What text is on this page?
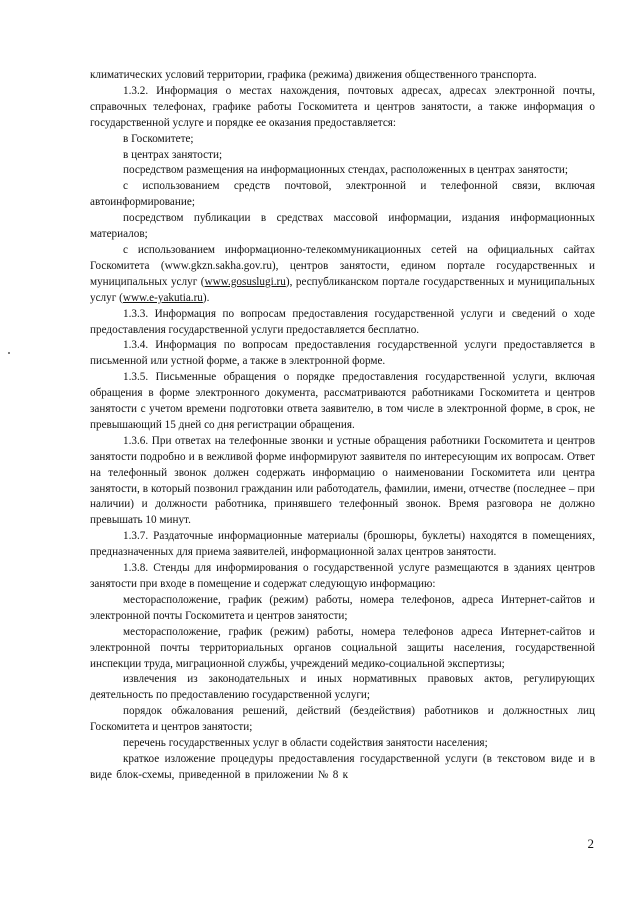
климатических условий территории, графика (режима) движения общественного транспорта.

1.3.2. Информация о местах нахождения, почтовых адресах, адресах электронной почты, справочных телефонах, графике работы Госкомитета и центров занятости, а также информация о государственной услуге и порядке ее оказания предоставляется:

в Госкомитете;

в центрах занятости;

посредством размещения на информационных стендах, расположенных в центрах занятости;

с использованием средств почтовой, электронной и телефонной связи, включая автоинформирование;

посредством публикации в средствах массовой информации, издания информационных материалов;

с использованием информационно-телекоммуникационных сетей на официальных сайтах Госкомитета (www.gkzn.sakha.gov.ru), центров занятости, едином портале государственных и муниципальных услуг (www.gosuslugi.ru), республиканском портале государственных и муниципальных услуг (www.e-yakutia.ru).

1.3.3. Информация по вопросам предоставления государственной услуги и сведений о ходе предоставления государственной услуги предоставляется бесплатно.

1.3.4. Информация по вопросам предоставления государственной услуги предоставляется в письменной или устной форме, а также в электронной форме.

1.3.5. Письменные обращения о порядке предоставления государственной услуги, включая обращения в форме электронного документа, рассматриваются работниками Госкомитета и центров занятости с учетом времени подготовки ответа заявителю, в том числе в электронной форме, в срок, не превышающий 15 дней со дня регистрации обращения.

1.3.6. При ответах на телефонные звонки и устные обращения работники Госкомитета и центров занятости подробно и в вежливой форме информируют заявителя по интересующим их вопросам. Ответ на телефонный звонок должен содержать информацию о наименовании Госкомитета или центра занятости, в который позвонил гражданин или работодатель, фамилии, имени, отчестве (последнее – при наличии) и должности работника, принявшего телефонный звонок. Время разговора не должно превышать 10 минут.

1.3.7. Раздаточные информационные материалы (брошюры, буклеты) находятся в помещениях, предназначенных для приема заявителей, информационной залах центров занятости.

1.3.8. Стенды для информирования о государственной услуге размещаются в зданиях центров занятости при входе в помещение и содержат следующую информацию:

месторасположение, график (режим) работы, номера телефонов, адреса Интернет-сайтов и электронной почты Госкомитета и центров занятости;

месторасположение, график (режим) работы, номера телефонов адреса Интернет-сайтов и электронной почты территориальных органов социальной защиты населения, государственной инспекции труда, миграционной службы, учреждений медико-социальной экспертизы;

извлечения из законодательных и иных нормативных правовых актов, регулирующих деятельность по предоставлению государственной услуги;

порядок обжалования решений, действий (бездействия) работников и должностных лиц Госкомитета и центров занятости;

перечень государственных услуг в области содействия занятости населения;

краткое изложение процедуры предоставления государственной услуги (в текстовом виде и в виде блок-схемы, приведенной в приложении № 8 к

2
